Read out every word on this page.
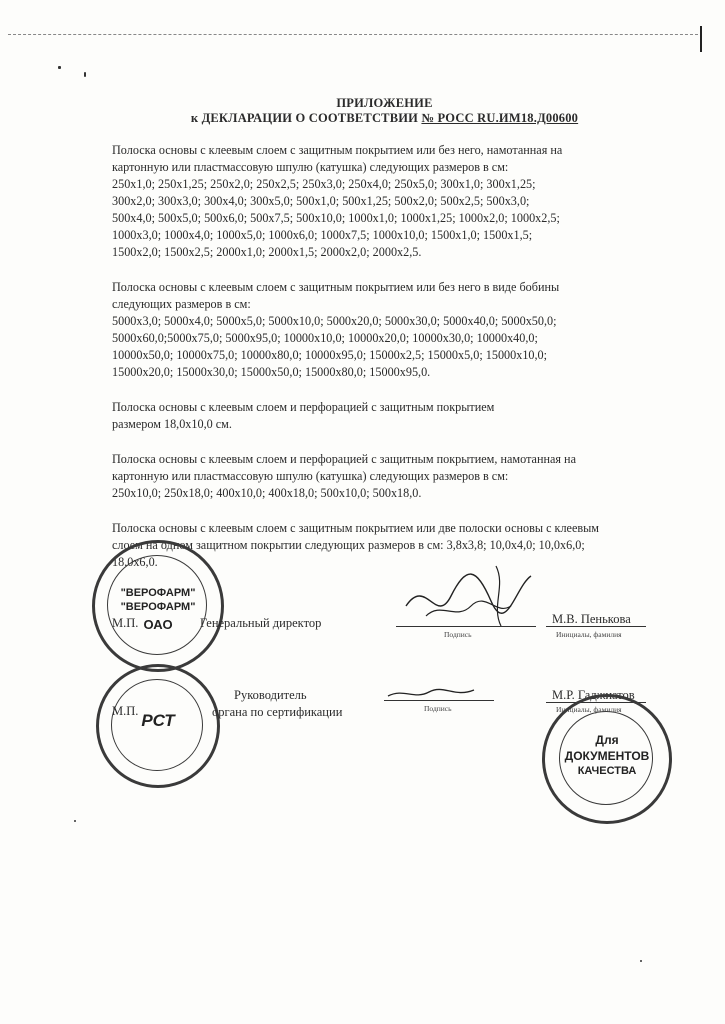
ПРИЛОЖЕНИЕ
к ДЕКЛАРАЦИИ О СООТВЕТСТВИИ № РОСС RU.ИМ18.Д00600

Полоска основы с клеевым слоем с защитным покрытием или без него, намотанная на

картонную или пластмассовую шпулю (катушка) следующих размеров в см:

250x1,0; 250x1,25; 250x2,0; 250x2,5; 250x3,0; 250x4,0; 250x5,0; 300x1,0; 300x1,25;

300x2,0; 300x3,0; 300x4,0; 300x5,0; 500x1,0; 500x1,25; 500x2,0; 500x2,5; 500x3,0;

500x4,0; 500x5,0; 500x6,0; 500x7,5; 500x10,0; 1000x1,0; 1000x1,25; 1000x2,0; 1000x2,5;

1000x3,0; 1000x4,0; 1000x5,0; 1000x6,0; 1000x7,5; 1000x10,0; 1500x1,0; 1500x1,5;

1500x2,0; 1500x2,5; 2000x1,0; 2000x1,5; 2000x2,0; 2000x2,5.

Полоска основы с клеевым слоем с защитным покрытием или без него в виде бобины

следующих размеров в см:

5000x3,0; 5000x4,0; 5000x5,0; 5000x10,0; 5000x20,0; 5000x30,0; 5000x40,0; 5000x50,0;

5000x60,0;5000x75,0; 5000x95,0; 10000x10,0; 10000x20,0; 10000x30,0; 10000x40,0;

10000x50,0; 10000x75,0; 10000x80,0; 10000x95,0; 15000x2,5; 15000x5,0; 15000x10,0;

15000x20,0; 15000x30,0; 15000x50,0; 15000x80,0; 15000x95,0.

Полоска основы с клеевым слоем и перфорацией с защитным покрытием

размером 18,0x10,0 см.

Полоска основы с клеевым слоем и перфорацией с защитным покрытием, намотанная на

картонную или пластмассовую шпулю (катушка) следующих размеров в см:

250x10,0; 250x18,0; 400x10,0; 400x18,0; 500x10,0; 500x18,0.

Полоска основы с клеевым слоем с защитным покрытием или две полоски основы с клеевым

слоем на одном защитном покрытии следующих размеров в см: 3,8x3,8; 10,0x4,0; 10,0x6,0;

18,0x6,0.

"ВЕРОФАРМ"
"ВЕРОФАРМ"
ОАО
М.П.	Генеральный директор
Подпись
М.В. Пенькова
Инициалы, фамилия
РСТ
М.П.
Руководитель
органа по сертификации	Подпись
М.Р. Гаджиатов
Инициалы, фамилия
Для
ДОКУМЕНТОВ
КАЧЕСТВА
